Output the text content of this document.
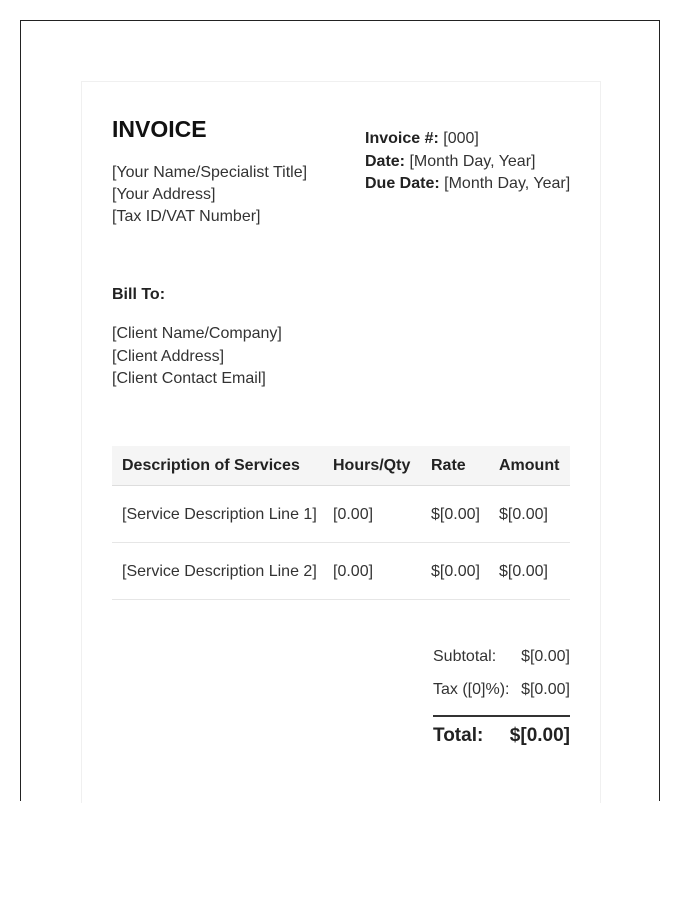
INVOICE
[Your Name/Specialist Title]
[Your Address]
[Tax ID/VAT Number]
Invoice #: [000]
Date: [Month Day, Year]
Due Date: [Month Day, Year]
Bill To:
[Client Name/Company]
[Client Address]
[Client Contact Email]
Description of Services	Hours/Qty	Rate	Amount
[Service Description Line 1]	[0.00]	$[0.00]	$[0.00]
[Service Description Line 2]	[0.00]	$[0.00]	$[0.00]
Subtotal: $[0.00]
Tax ([0]%): $[0.00]
Total: $[0.00]
